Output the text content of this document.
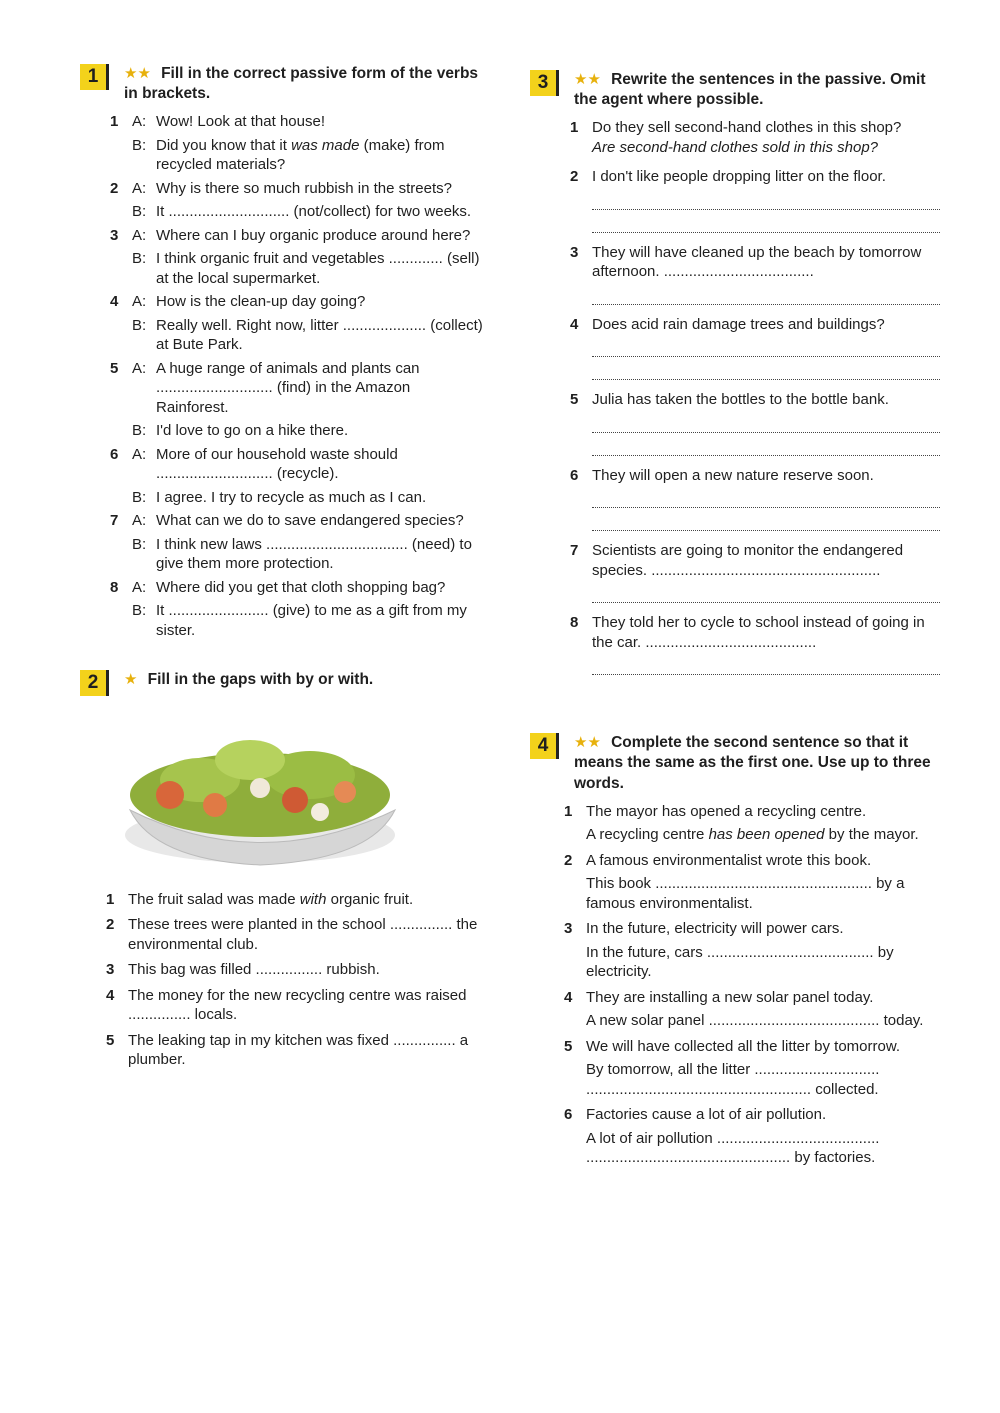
1	★★ Fill in the correct passive form of the verbs in brackets.
1 A: Wow! Look at that house!
B: Did you know that it was made (make) from recycled materials?
2 A: Why is there so much rubbish in the streets?
B: It ............................. (not/collect) for two weeks.
3 A: Where can I buy organic produce around here?
B: I think organic fruit and vegetables ............. (sell) at the local supermarket.
4 A: How is the clean-up day going?
B: Really well. Right now, litter .................... (collect) at Bute Park.
5 A: A huge range of animals and plants can ............................ (find) in the Amazon Rainforest.
B: I'd love to go on a hike there.
6 A: More of our household waste should ............................ (recycle).
B: I agree. I try to recycle as much as I can.
7 A: What can we do to save endangered species?
B: I think new laws .................................. (need) to give them more protection.
8 A: Where did you get that cloth shopping bag?
B: It ........................ (give) to me as a gift from my sister.
2	★ Fill in the gaps with by or with.
1 The fruit salad was made with organic fruit.
2 These trees were planted in the school ............... the environmental club.
3 This bag was filled ................ rubbish.
4 The money for the new recycling centre was raised ............... locals.
5 The leaking tap in my kitchen was fixed ............... a plumber.
3	★★ Rewrite the sentences in the passive. Omit the agent where possible.
1 Do they sell second-hand clothes in this shop?
Are second-hand clothes sold in this shop?
2 I don't like people dropping litter on the floor.
3 They will have cleaned up the beach by tomorrow afternoon. ....................................
4 Does acid rain damage trees and buildings?
5 Julia has taken the bottles to the bottle bank.
6 They will open a new nature reserve soon.
7 Scientists are going to monitor the endangered species. .......................................................
8 They told her to cycle to school instead of going in the car. .........................................
4	★★ Complete the second sentence so that it means the same as the first one. Use up to three words.
1 The mayor has opened a recycling centre.
A recycling centre has been opened by the mayor.
2 A famous environmentalist wrote this book.
This book .................................................... by a famous environmentalist.
3 In the future, electricity will power cars.
In the future, cars ........................................ by electricity.
4 They are installing a new solar panel today.
A new solar panel ......................................... today.
5 We will have collected all the litter by tomorrow.
By tomorrow, all the litter .............................. ...................................................... collected.
6 Factories cause a lot of air pollution.
A lot of air pollution ....................................... ................................................. by factories.
